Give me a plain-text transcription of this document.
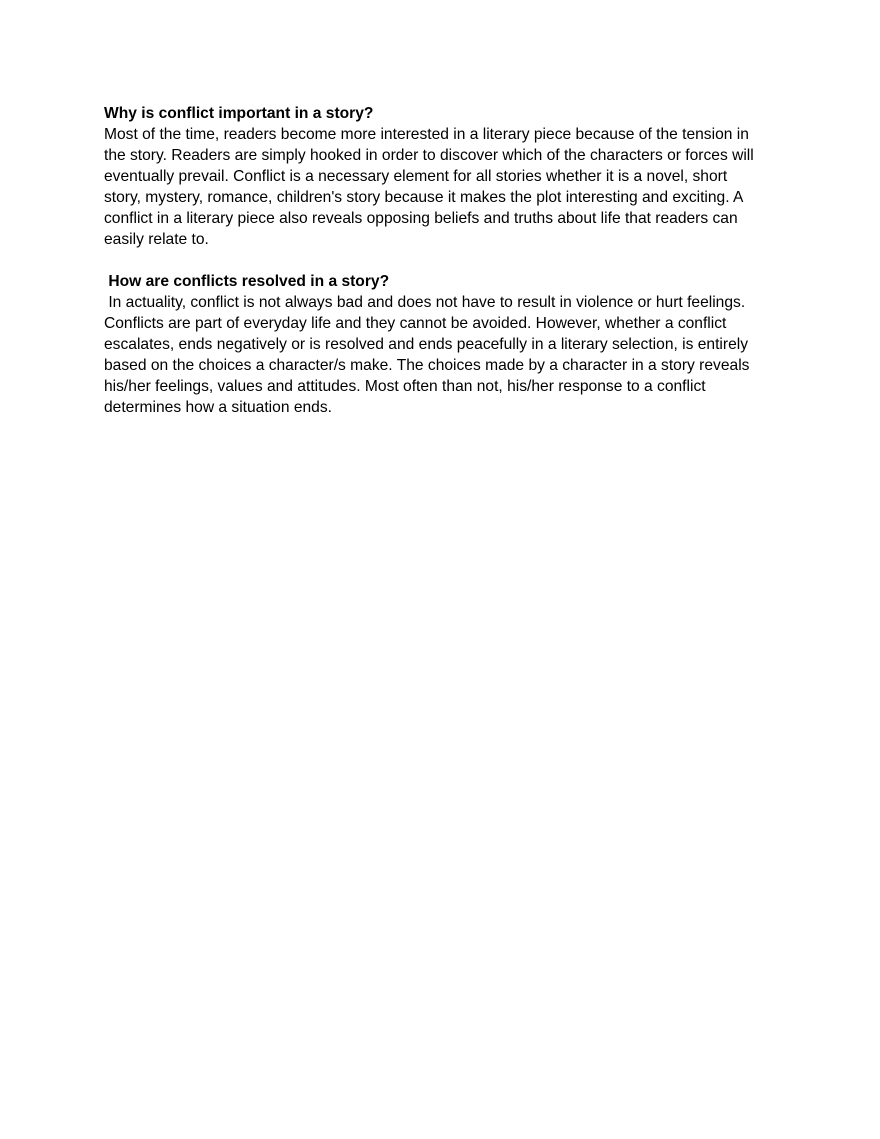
Why is conflict important in a story?
Most of the time, readers become more interested in a literary piece because of the tension in
the story. Readers are simply hooked in order to discover which of the characters or forces will
eventually prevail. Conflict is a necessary element for all stories whether it is a novel, short
story, mystery, romance, children's story because it makes the plot interesting and exciting. A
conflict in a literary piece also reveals opposing beliefs and truths about life that readers can
easily relate to.
How are conflicts resolved in a story?
In actuality, conflict is not always bad and does not have to result in violence or hurt feelings.
Conflicts are part of everyday life and they cannot be avoided. However, whether a conflict
escalates, ends negatively or is resolved and ends peacefully in a literary selection, is entirely
based on the choices a character/s make. The choices made by a character in a story reveals
his/her feelings, values and attitudes. Most often than not, his/her response to a conflict
determines how a situation ends.
